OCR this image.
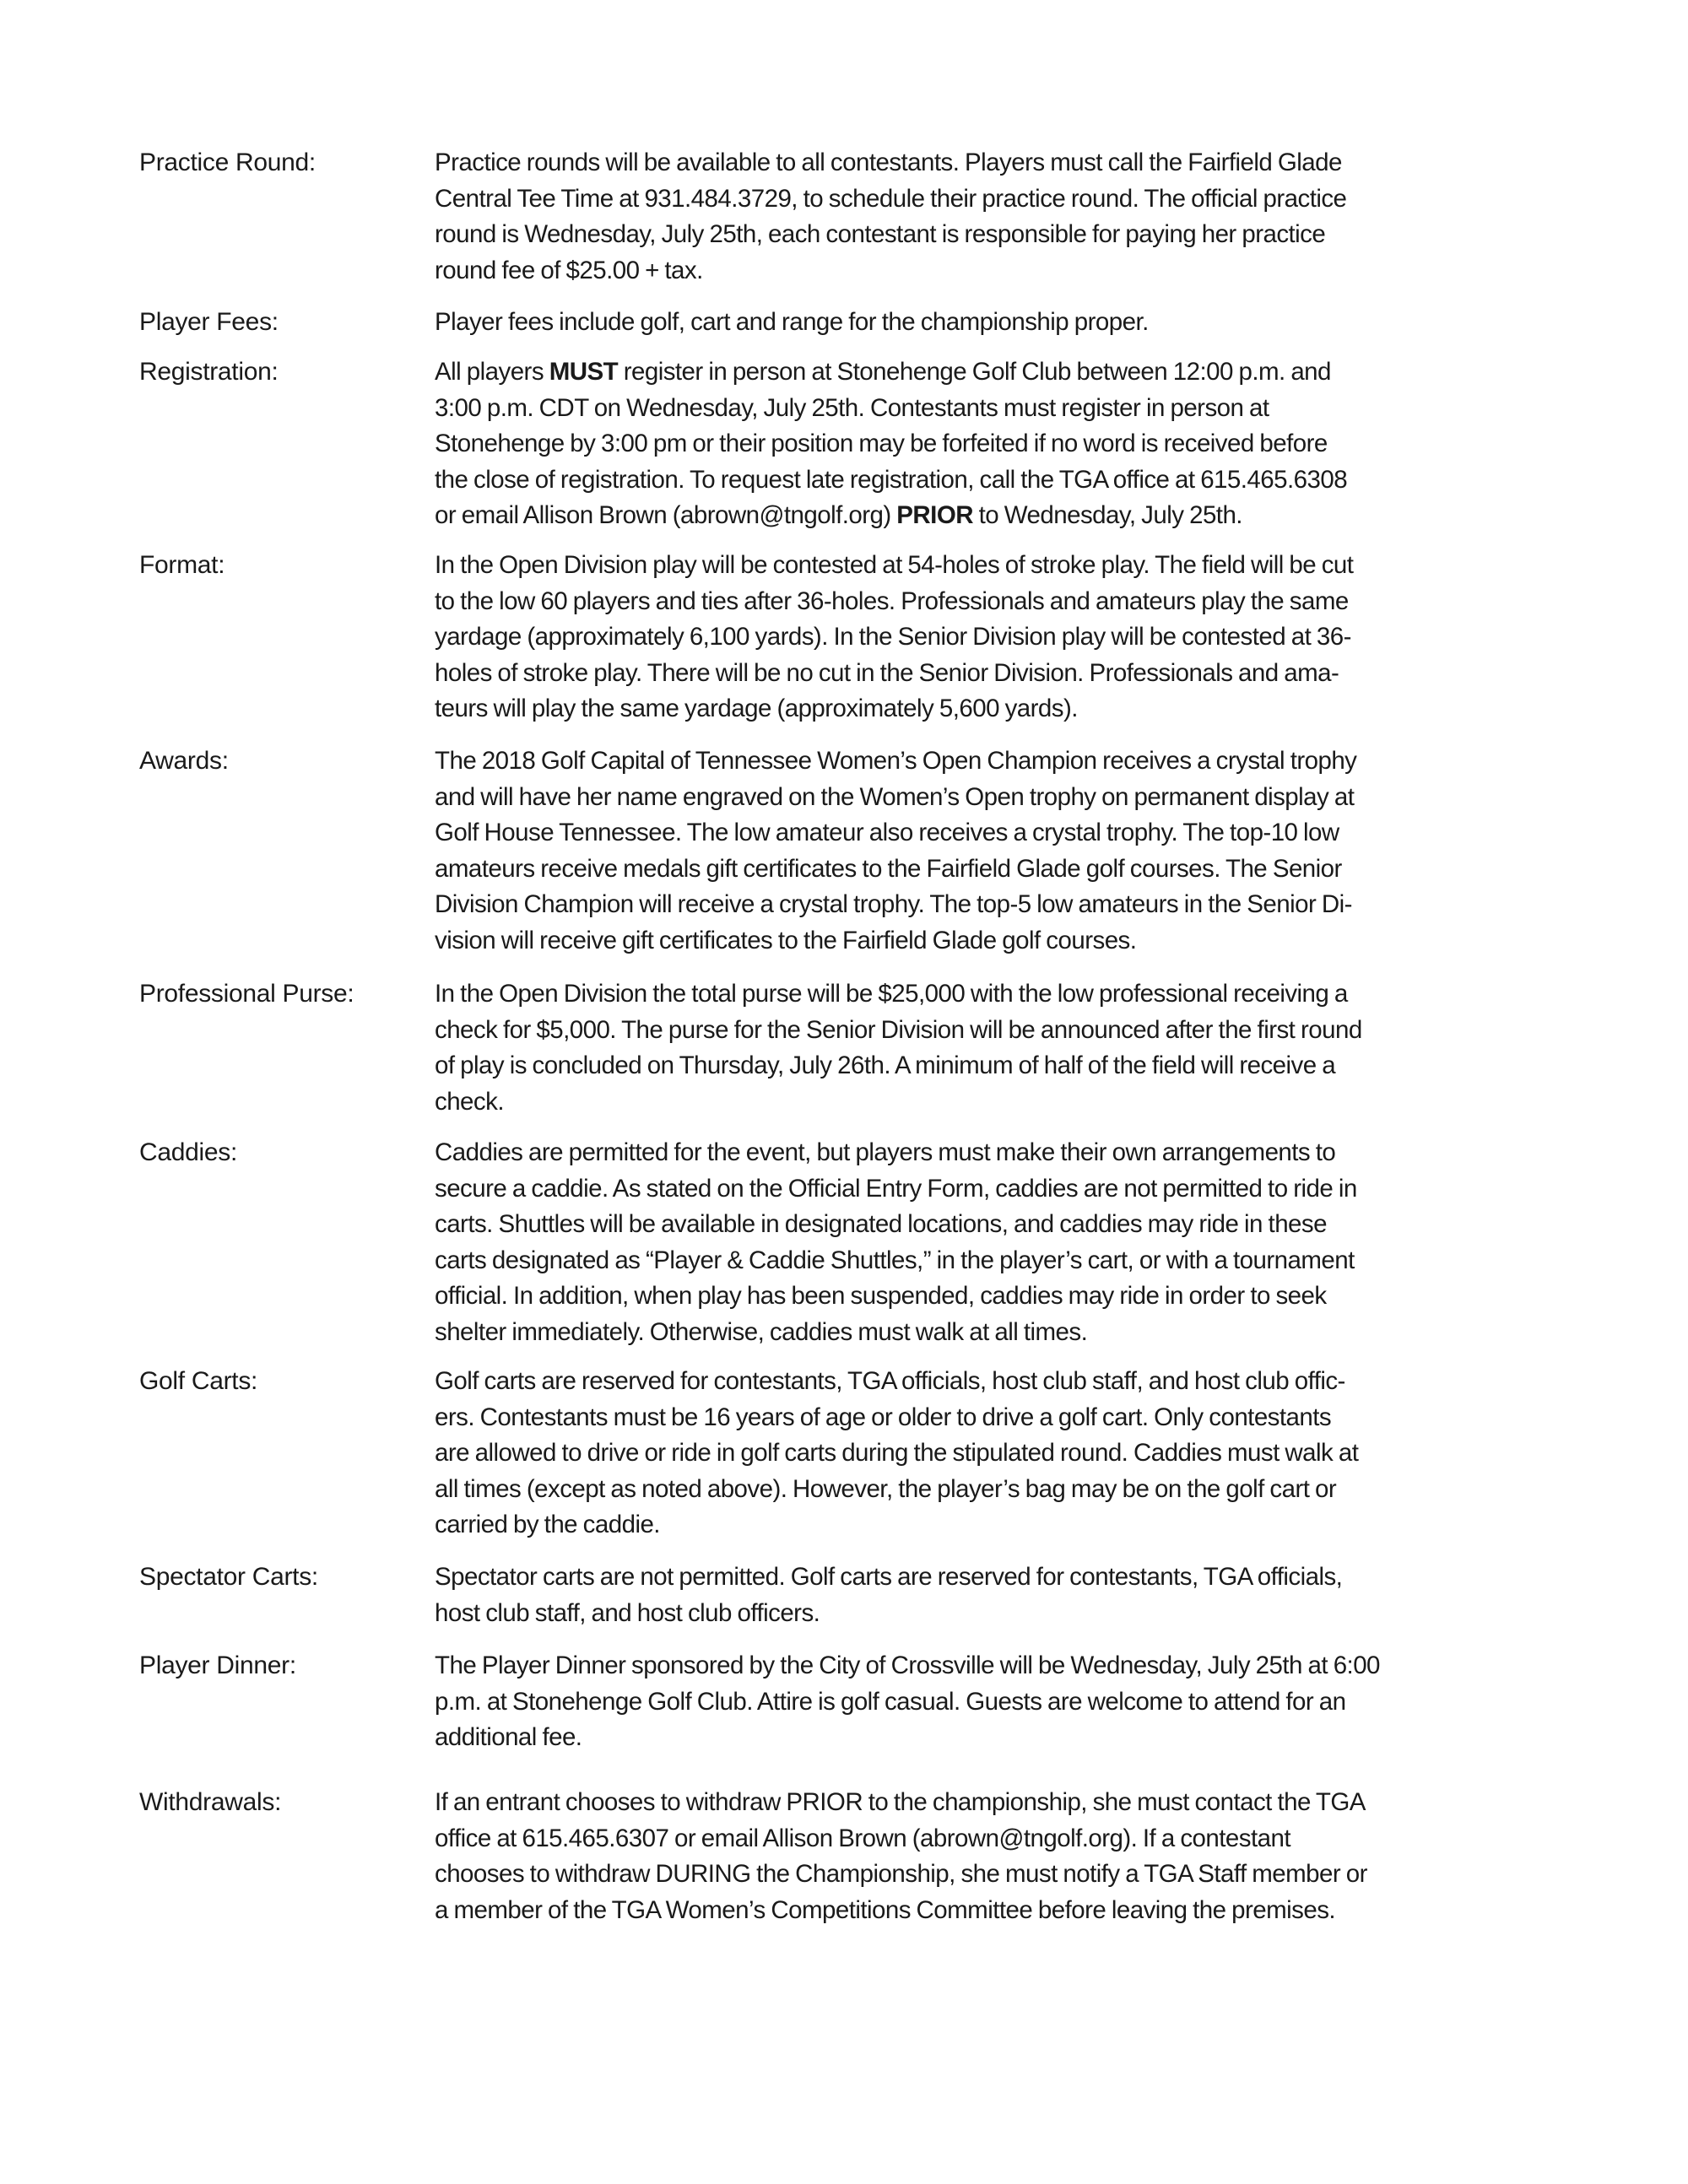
Practice Round:	Practice rounds will be available to all contestants. Players must call the Fairfield Glade
Central Tee Time at 931.484.3729, to schedule their practice round. The official practice
round is Wednesday, July 25th, each contestant is responsible for paying her practice
round fee of $25.00 + tax.
Player Fees:	Player fees include golf, cart and range for the championship proper.
Registration:	All players MUST register in person at Stonehenge Golf Club between 12:00 p.m. and
3:00 p.m. CDT on Wednesday, July 25th. Contestants must register in person at
Stonehenge by 3:00 pm or their position may be forfeited if no word is received before
the close of registration. To request late registration, call the TGA office at 615.465.6308
or email Allison Brown (abrown@tngolf.org) PRIOR to Wednesday, July 25th.
Format:	In the Open Division play will be contested at 54-holes of stroke play. The field will be cut
to the low 60 players and ties after 36-holes. Professionals and amateurs play the same
yardage (approximately 6,100 yards). In the Senior Division play will be contested at 36-
holes of stroke play. There will be no cut in the Senior Division. Professionals and ama-
teurs will play the same yardage (approximately 5,600 yards).
Awards:	The 2018 Golf Capital of Tennessee Women’s Open Champion receives a crystal trophy
and will have her name engraved on the Women’s Open trophy on permanent display at
Golf House Tennessee. The low amateur also receives a crystal trophy. The top-10 low
amateurs receive medals gift certificates to the Fairfield Glade golf courses. The Senior
Division Champion will receive a crystal trophy. The top-5 low amateurs in the Senior Di-
vision will receive gift certificates to the Fairfield Glade golf courses.
Professional Purse:	In the Open Division the total purse will be $25,000 with the low professional receiving a
check for $5,000. The purse for the Senior Division will be announced after the first round
of play is concluded on Thursday, July 26th. A minimum of half of the field will receive a
check.
Caddies:	Caddies are permitted for the event, but players must make their own arrangements to
secure a caddie. As stated on the Official Entry Form, caddies are not permitted to ride in
carts. Shuttles will be available in designated locations, and caddies may ride in these
carts designated as “Player & Caddie Shuttles,” in the player’s cart, or with a tournament
official. In addition, when play has been suspended, caddies may ride in order to seek
shelter immediately. Otherwise, caddies must walk at all times.
Golf Carts:	Golf carts are reserved for contestants, TGA officials, host club staff, and host club offic-
ers. Contestants must be 16 years of age or older to drive a golf cart. Only contestants
are allowed to drive or ride in golf carts during the stipulated round. Caddies must walk at
all times (except as noted above). However, the player’s bag may be on the golf cart or
carried by the caddie.
Spectator Carts:	Spectator carts are not permitted. Golf carts are reserved for contestants, TGA officials,
host club staff, and host club officers.
Player Dinner:	The Player Dinner sponsored by the City of Crossville will be Wednesday, July 25th at 6:00
p.m. at Stonehenge Golf Club. Attire is golf casual. Guests are welcome to attend for an
additional fee.
Withdrawals:	If an entrant chooses to withdraw PRIOR to the championship, she must contact the TGA
office at 615.465.6307 or email Allison Brown (abrown@tngolf.org). If a contestant
chooses to withdraw DURING the Championship, she must notify a TGA Staff member or
a member of the TGA Women’s Competitions Committee before leaving the premises.
